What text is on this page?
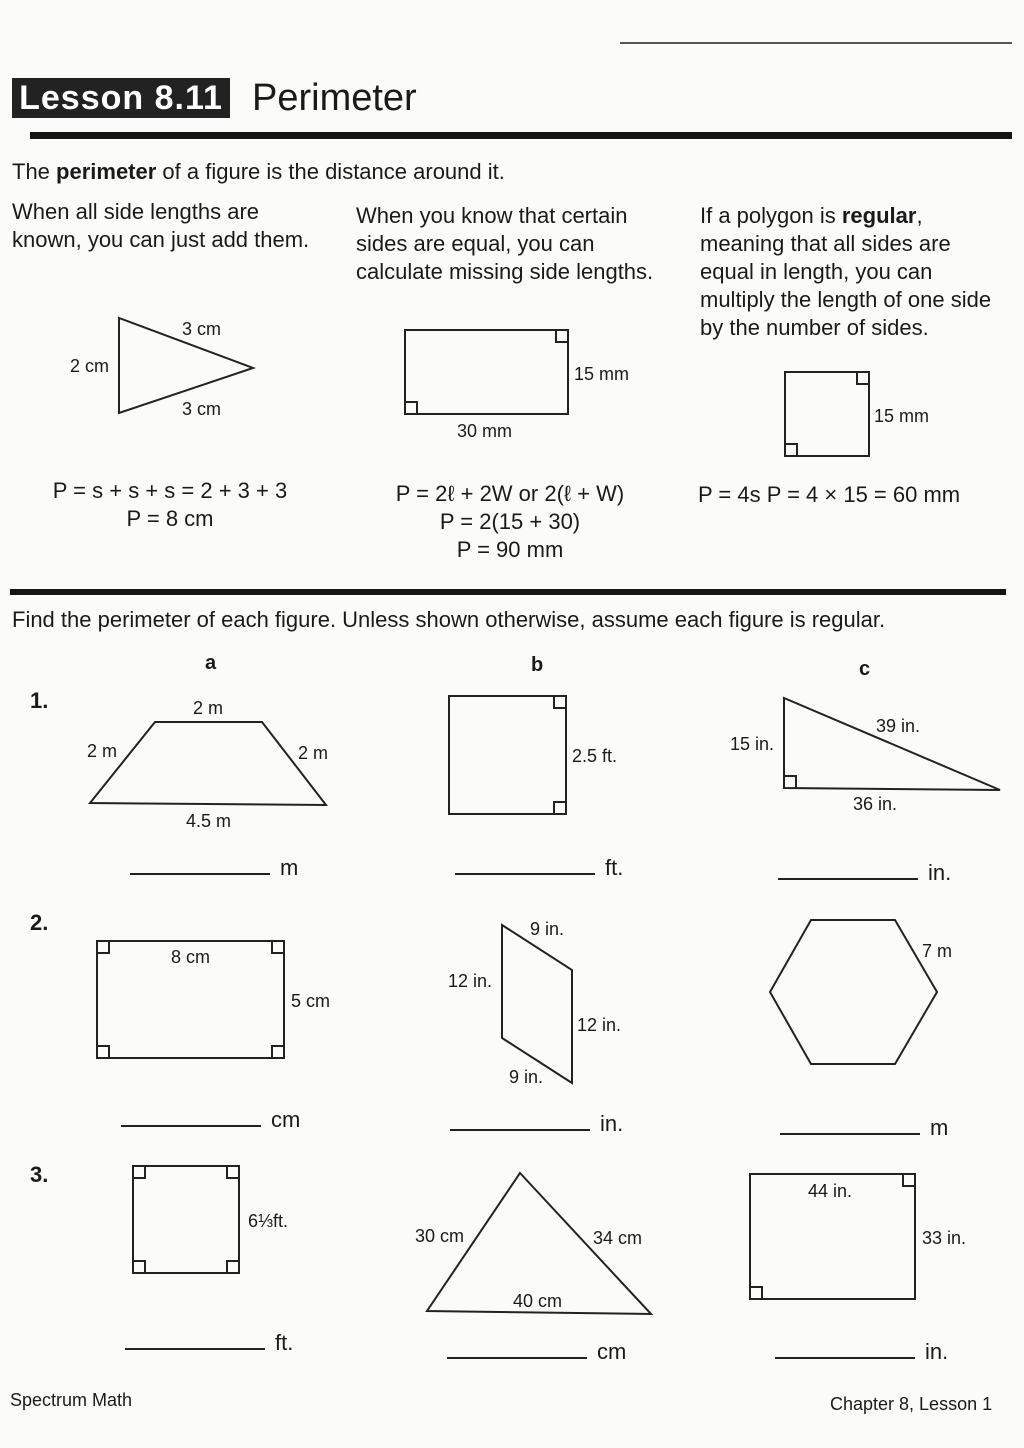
Lesson 8.11 Perimeter
The perimeter of a figure is the distance around it.
When all side lengths are known, you can just add them.
When you know that certain sides are equal, you can calculate missing side lengths.
If a polygon is regular, meaning that all sides are equal in length, you can multiply the length of one side by the number of sides.
3 cm
2 cm
3 cm
15 mm
30 mm
15 mm
P = s + s + s = 2 + 3 + 3
P = 8 cm
P = 2ℓ + 2W or 2(ℓ + W)
P = 2(15 + 30)
P = 90 mm
P = 4s P = 4 × 15 = 60 mm
Find the perimeter of each figure. Unless shown otherwise, assume each figure is regular.
a	b	c
1.
2.
3.
2 m
2 m	2 m
4.5 m
2.5 ft.
15 in.
39 in.
36 in.
8 cm
5 cm
9 in.
12 in.
12 in.
9 in.
7 m
6⅓ft.
30 cm	34 cm
40 cm
44 in.
33 in.
m	ft.	in.
cm	in.	m
ft.	cm	in.
Spectrum Math	Chapter 8, Lesson 1
